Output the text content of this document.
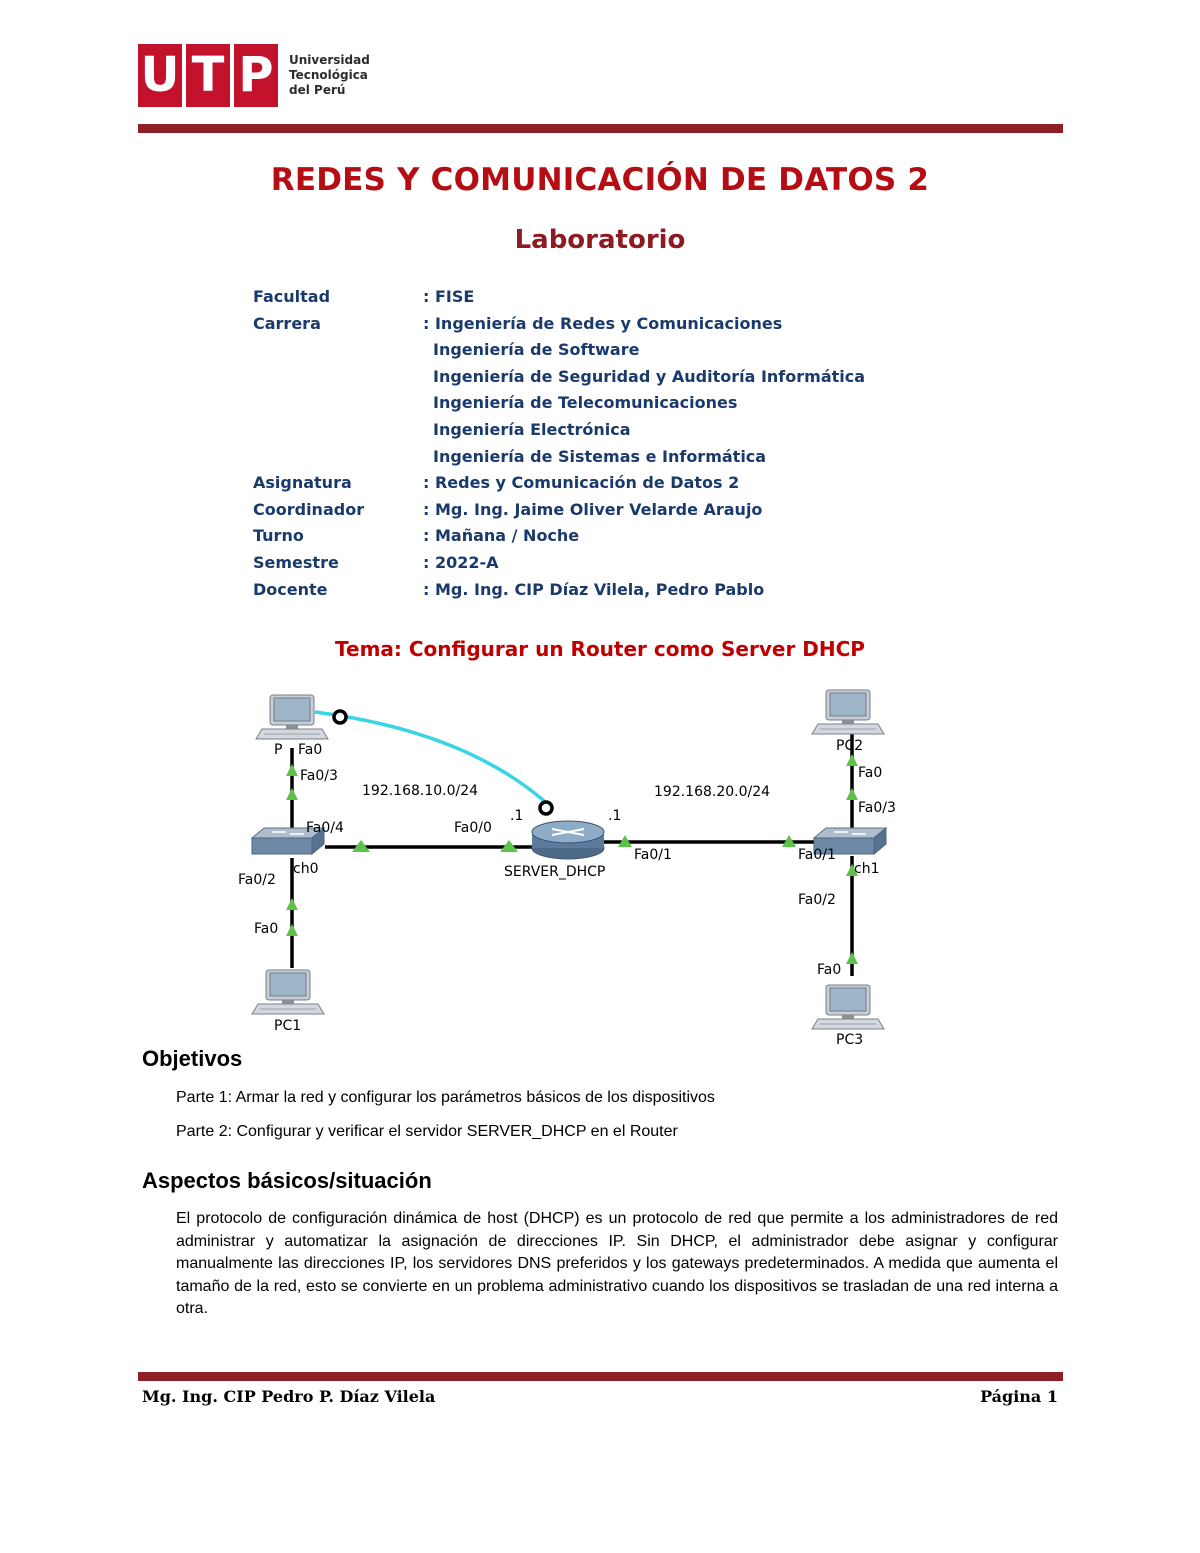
U T P	Universidad
Tecnológica
del Perú
REDES Y COMUNICACIÓN DE DATOS 2
Laboratorio
Facultad	: FISE
Carrera	: Ingeniería de Redes y Comunicaciones
Ingeniería de Software
Ingeniería de Seguridad y Auditoría Informática
Ingeniería de Telecomunicaciones
Ingeniería Electrónica
Ingeniería de Sistemas e Informática
Asignatura	: Redes y Comunicación de Datos 2
Coordinador	: Mg. Ing. Jaime Oliver Velarde Araujo
Turno	: Mañana / Noche
Semestre	: 2022-A
Docente	: Mg. Ing. CIP Díaz Vilela, Pedro Pablo
Tema: Configurar un Router como Server DHCP
P Fa0
Fa0/3
192.168.10.0/24	192.168.20.0/24
.1	.1
Fa0/4	Fa0/0
Fa0/1
SERVER_DHCP
ch0
Fa0/2
Fa0
PC1
PC2
Fa0
Fa0/3
Fa0/1
ch1
Fa0/2
Fa0
PC3
Objetivos
Parte 1: Armar la red y configurar los parámetros básicos de los dispositivos
Parte 2: Configurar y verificar el servidor SERVER_DHCP en el Router
Aspectos básicos/situación
El protocolo de configuración dinámica de host (DHCP) es un protocolo de red que permite a los administradores de red administrar y automatizar la asignación de direcciones IP. Sin DHCP, el administrador debe asignar y configurar manualmente las direcciones IP, los servidores DNS preferidos y los gateways predeterminados. A medida que aumenta el tamaño de la red, esto se convierte en un problema administrativo cuando los dispositivos se trasladan de una red interna a otra.
Mg. Ing. CIP Pedro P. Díaz Vilela	Página 1
